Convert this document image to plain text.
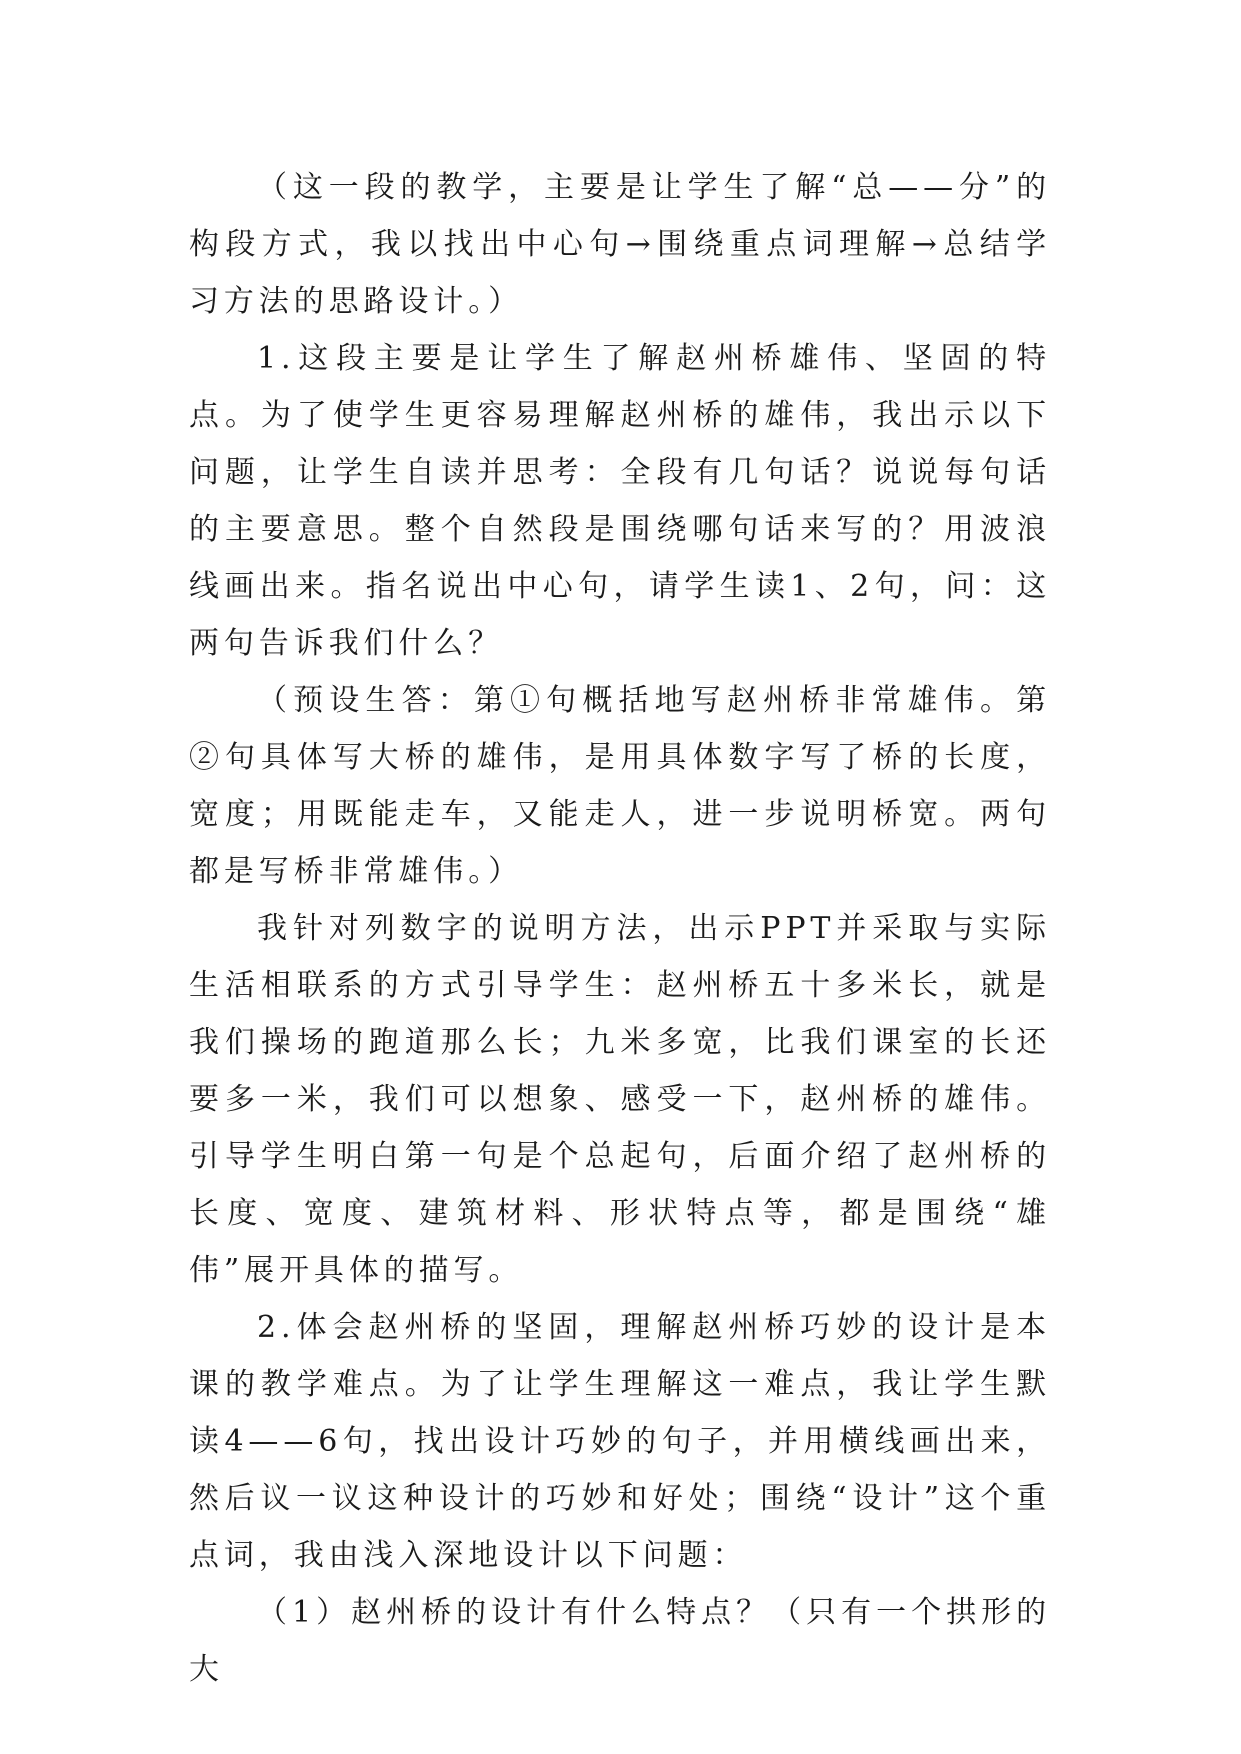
（这一段的教学，主要是让学生了解“总——分”的构段方式，我以找出中心句→围绕重点词理解→总结学习方法的思路设计。）

1.这段主要是让学生了解赵州桥雄伟、坚固的特点。为了使学生更容易理解赵州桥的雄伟，我出示以下问题，让学生自读并思考：全段有几句话？说说每句话的主要意思。整个自然段是围绕哪句话来写的？用波浪线画出来。指名说出中心句，请学生读1、2句，问：这两句告诉我们什么？

（预设生答：第①句概括地写赵州桥非常雄伟。第②句具体写大桥的雄伟，是用具体数字写了桥的长度，宽度；用既能走车，又能走人，进一步说明桥宽。两句都是写桥非常雄伟。）

我针对列数字的说明方法，出示PPT并采取与实际生活相联系的方式引导学生：赵州桥五十多米长，就是我们操场的跑道那么长；九米多宽，比我们课室的长还要多一米，我们可以想象、感受一下，赵州桥的雄伟。引导学生明白第一句是个总起句，后面介绍了赵州桥的长度、宽度、建筑材料、形状特点等，都是围绕“雄伟”展开具体的描写。

2.体会赵州桥的坚固，理解赵州桥巧妙的设计是本课的教学难点。为了让学生理解这一难点，我让学生默读4——6句，找出设计巧妙的句子，并用横线画出来，然后议一议这种设计的巧妙和好处；围绕“设计”这个重点词，我由浅入深地设计以下问题：

（1）赵州桥的设计有什么特点？（只有一个拱形的大
